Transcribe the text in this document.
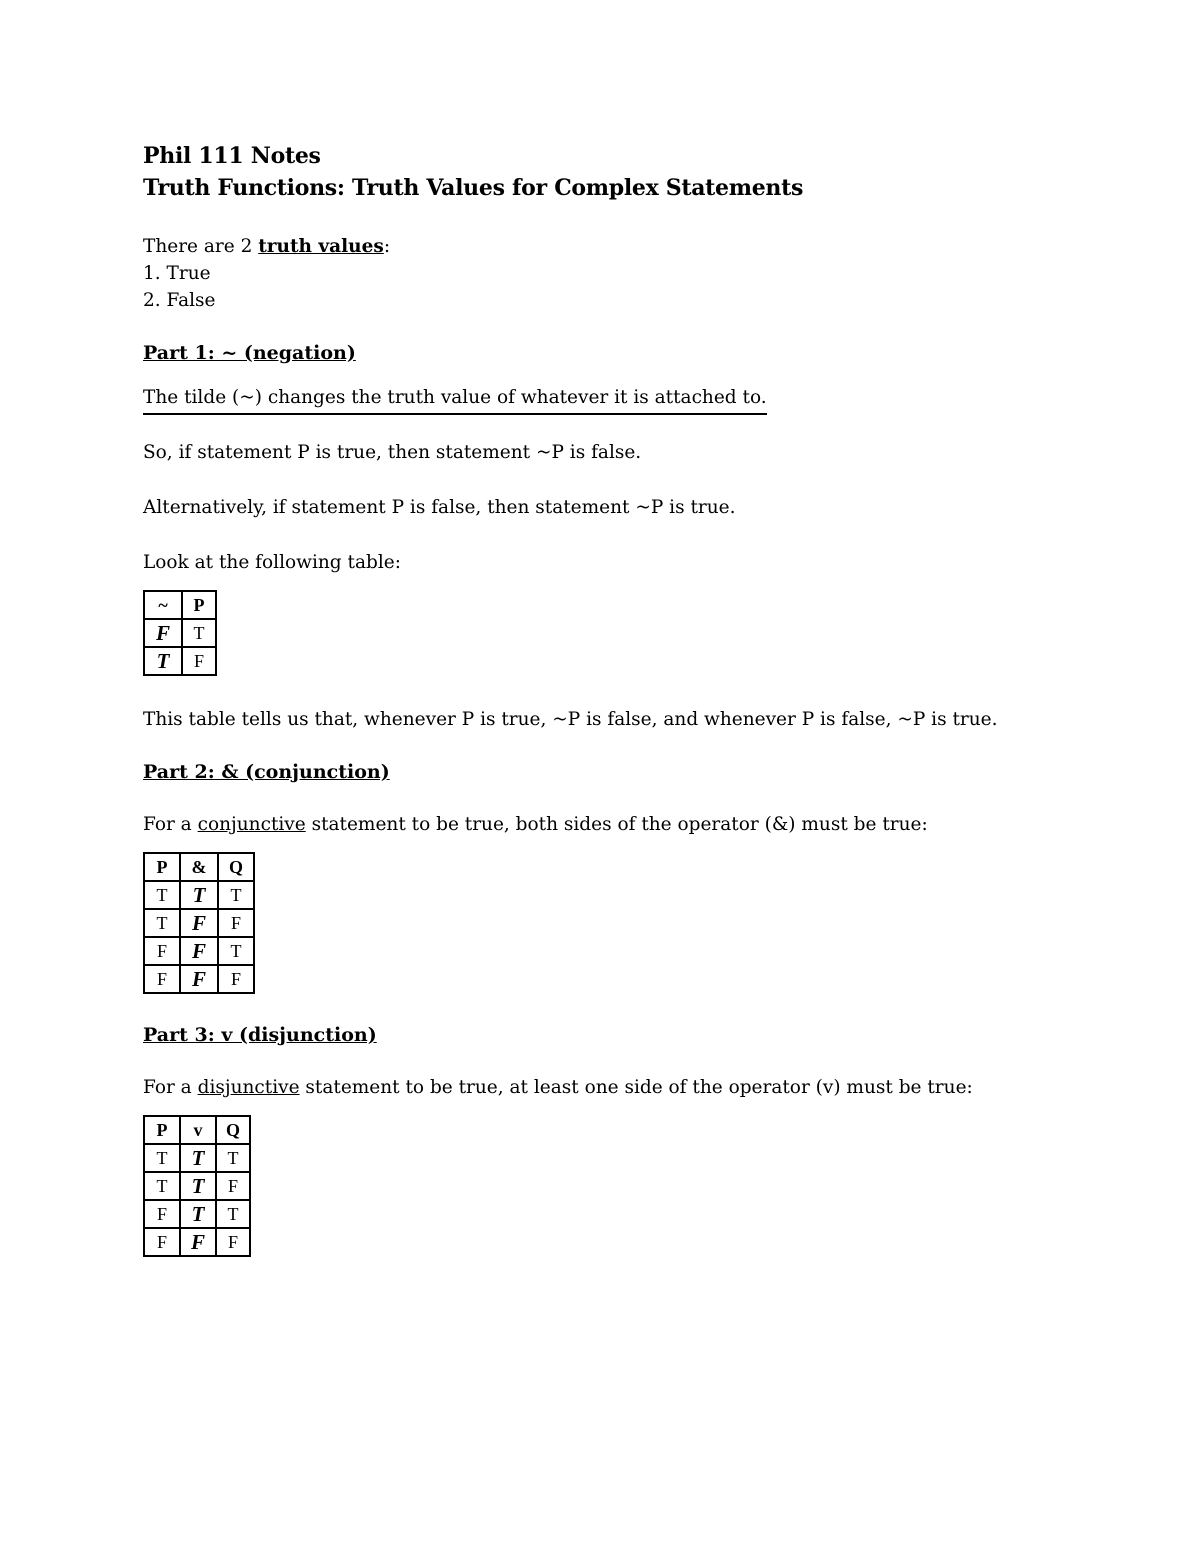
Phil 111 Notes

Truth Functions: Truth Values for Complex Statements

There are 2 truth values:

1. True

2. False

Part 1: ~ (negation)

The tilde (~) changes the truth value of whatever it is attached to.

So, if statement P is true, then statement ~P is false.

Alternatively, if statement P is false, then statement ~P is true.

Look at the following table:

~	P
F	T
T	F

This table tells us that, whenever P is true, ~P is false, and whenever P is false, ~P is true.

Part 2: & (conjunction)

For a conjunctive statement to be true, both sides of the operator (&) must be true:

P	&	Q
T	T	T
T	F	F
F	F	T
F	F	F

Part 3: v (disjunction)

For a disjunctive statement to be true, at least one side of the operator (v) must be true:

P	v	Q
T	T	T
T	T	F
F	T	T
F	F	F
